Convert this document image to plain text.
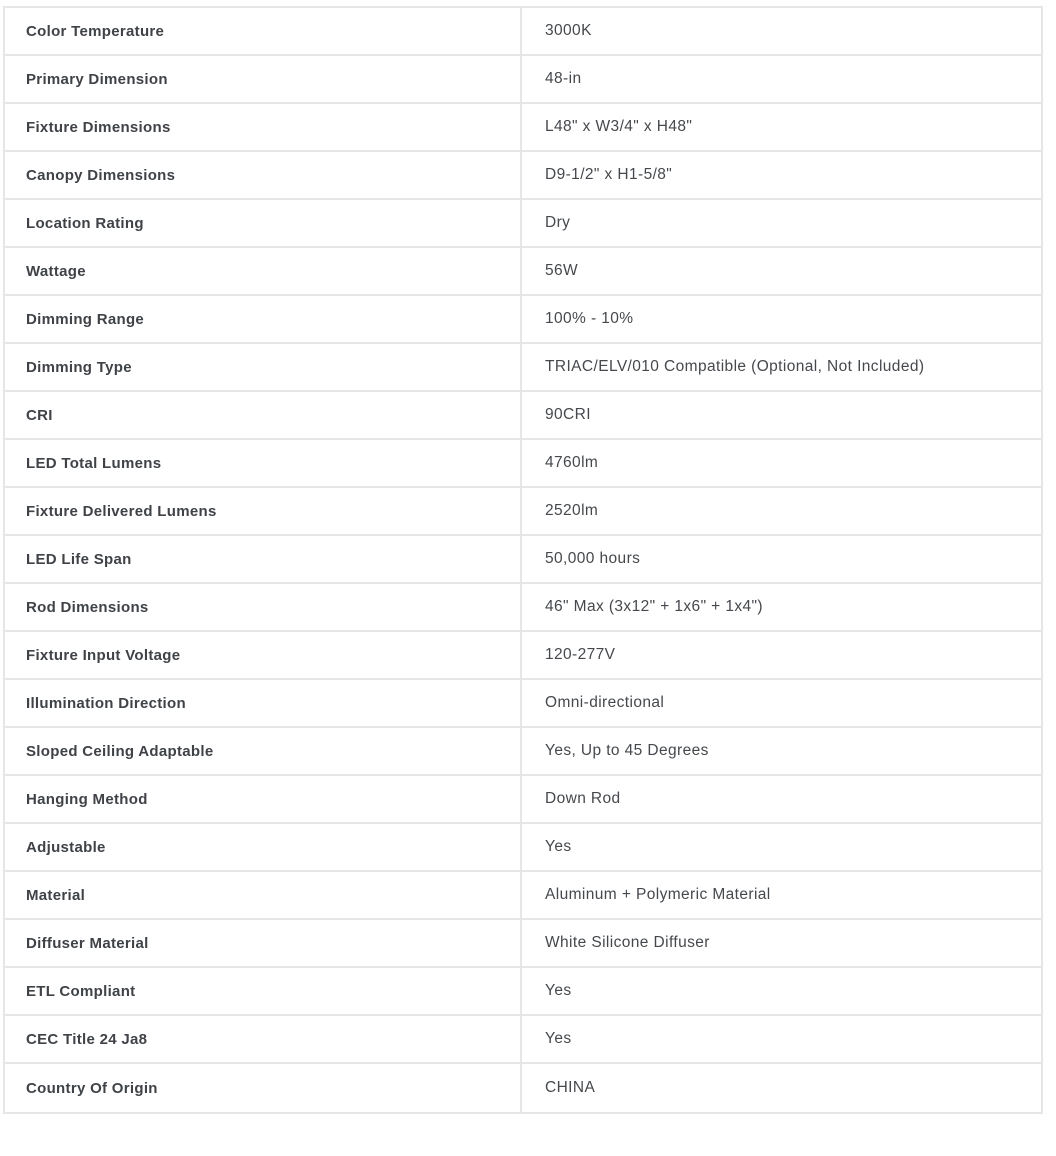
Color Temperature	3000K
Primary Dimension	48-in
Fixture Dimensions	L48" x W3/4" x H48"
Canopy Dimensions	D9-1/2" x H1-5/8"
Location Rating	Dry
Wattage	56W
Dimming Range	100% - 10%
Dimming Type	TRIAC/ELV/010 Compatible (Optional, Not Included)
CRI	90CRI
LED Total Lumens	4760lm
Fixture Delivered Lumens	2520lm
LED Life Span	50,000 hours
Rod Dimensions	46" Max (3x12" + 1x6" + 1x4")
Fixture Input Voltage	120-277V
Illumination Direction	Omni-directional
Sloped Ceiling Adaptable	Yes, Up to 45 Degrees
Hanging Method	Down Rod
Adjustable	Yes
Material	Aluminum + Polymeric Material
Diffuser Material	White Silicone Diffuser
ETL Compliant	Yes
CEC Title 24 Ja8	Yes
Country Of Origin	CHINA
